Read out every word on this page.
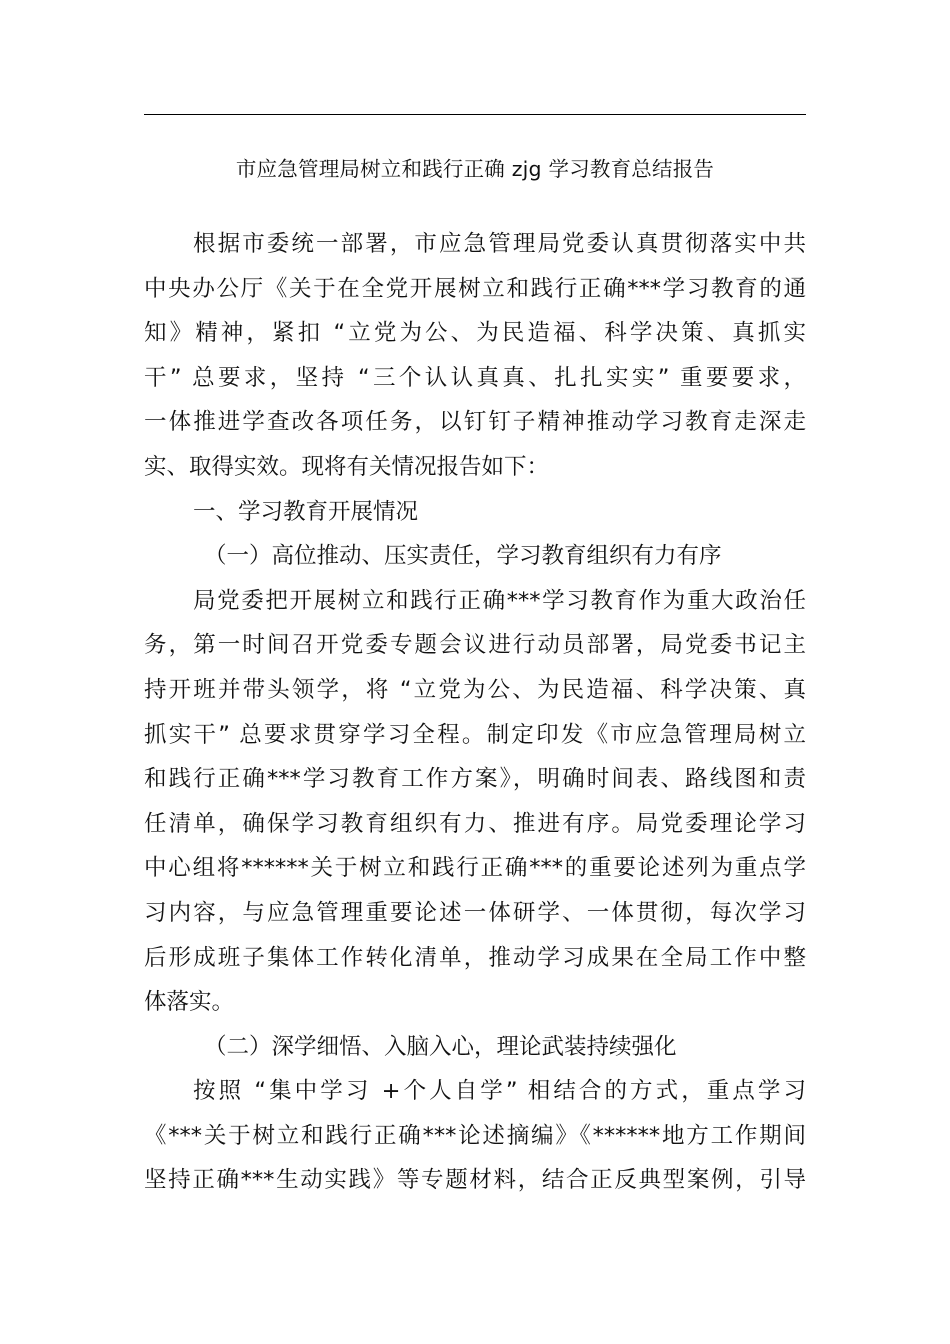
市应急管理局树立和践行正确 zjg 学习教育总结报告
根据市委统一部署，市应急管理局党委认真贯彻落实中共
中央办公厅《关于在全党开展树立和践行正确***学习教育的通
知》精神，紧扣 “立党为公、为民造福、科学决策、真抓实
干” 总要求，坚持 “三个认认真真、扎扎实实” 重要要求，
一体推进学查改各项任务，以钉钉子精神推动学习教育走深走
实、取得实效。现将有关情况报告如下：
一、学习教育开展情况
（一）高位推动、压实责任，学习教育组织有力有序
局党委把开展树立和践行正确***学习教育作为重大政治任
务，第一时间召开党委专题会议进行动员部署，局党委书记主
持开班并带头领学，将 “立党为公、为民造福、科学决策、真
抓实干” 总要求贯穿学习全程。制定印发《市应急管理局树立
和践行正确***学习教育工作方案》，明确时间表、路线图和责
任清单，确保学习教育组织有力、推进有序。局党委理论学习
中心组将******关于树立和践行正确***的重要论述列为重点学
习内容，与应急管理重要论述一体研学、一体贯彻，每次学习
后形成班子集体工作转化清单，推动学习成果在全局工作中整
体落实。
（二）深学细悟、入脑入心，理论武装持续强化
按照 “集中学习 +个人自学” 相结合的方式，重点学习
《***关于树立和践行正确***论述摘编》《******地方工作期间
坚持正确***生动实践》等专题材料，结合正反典型案例，引导
